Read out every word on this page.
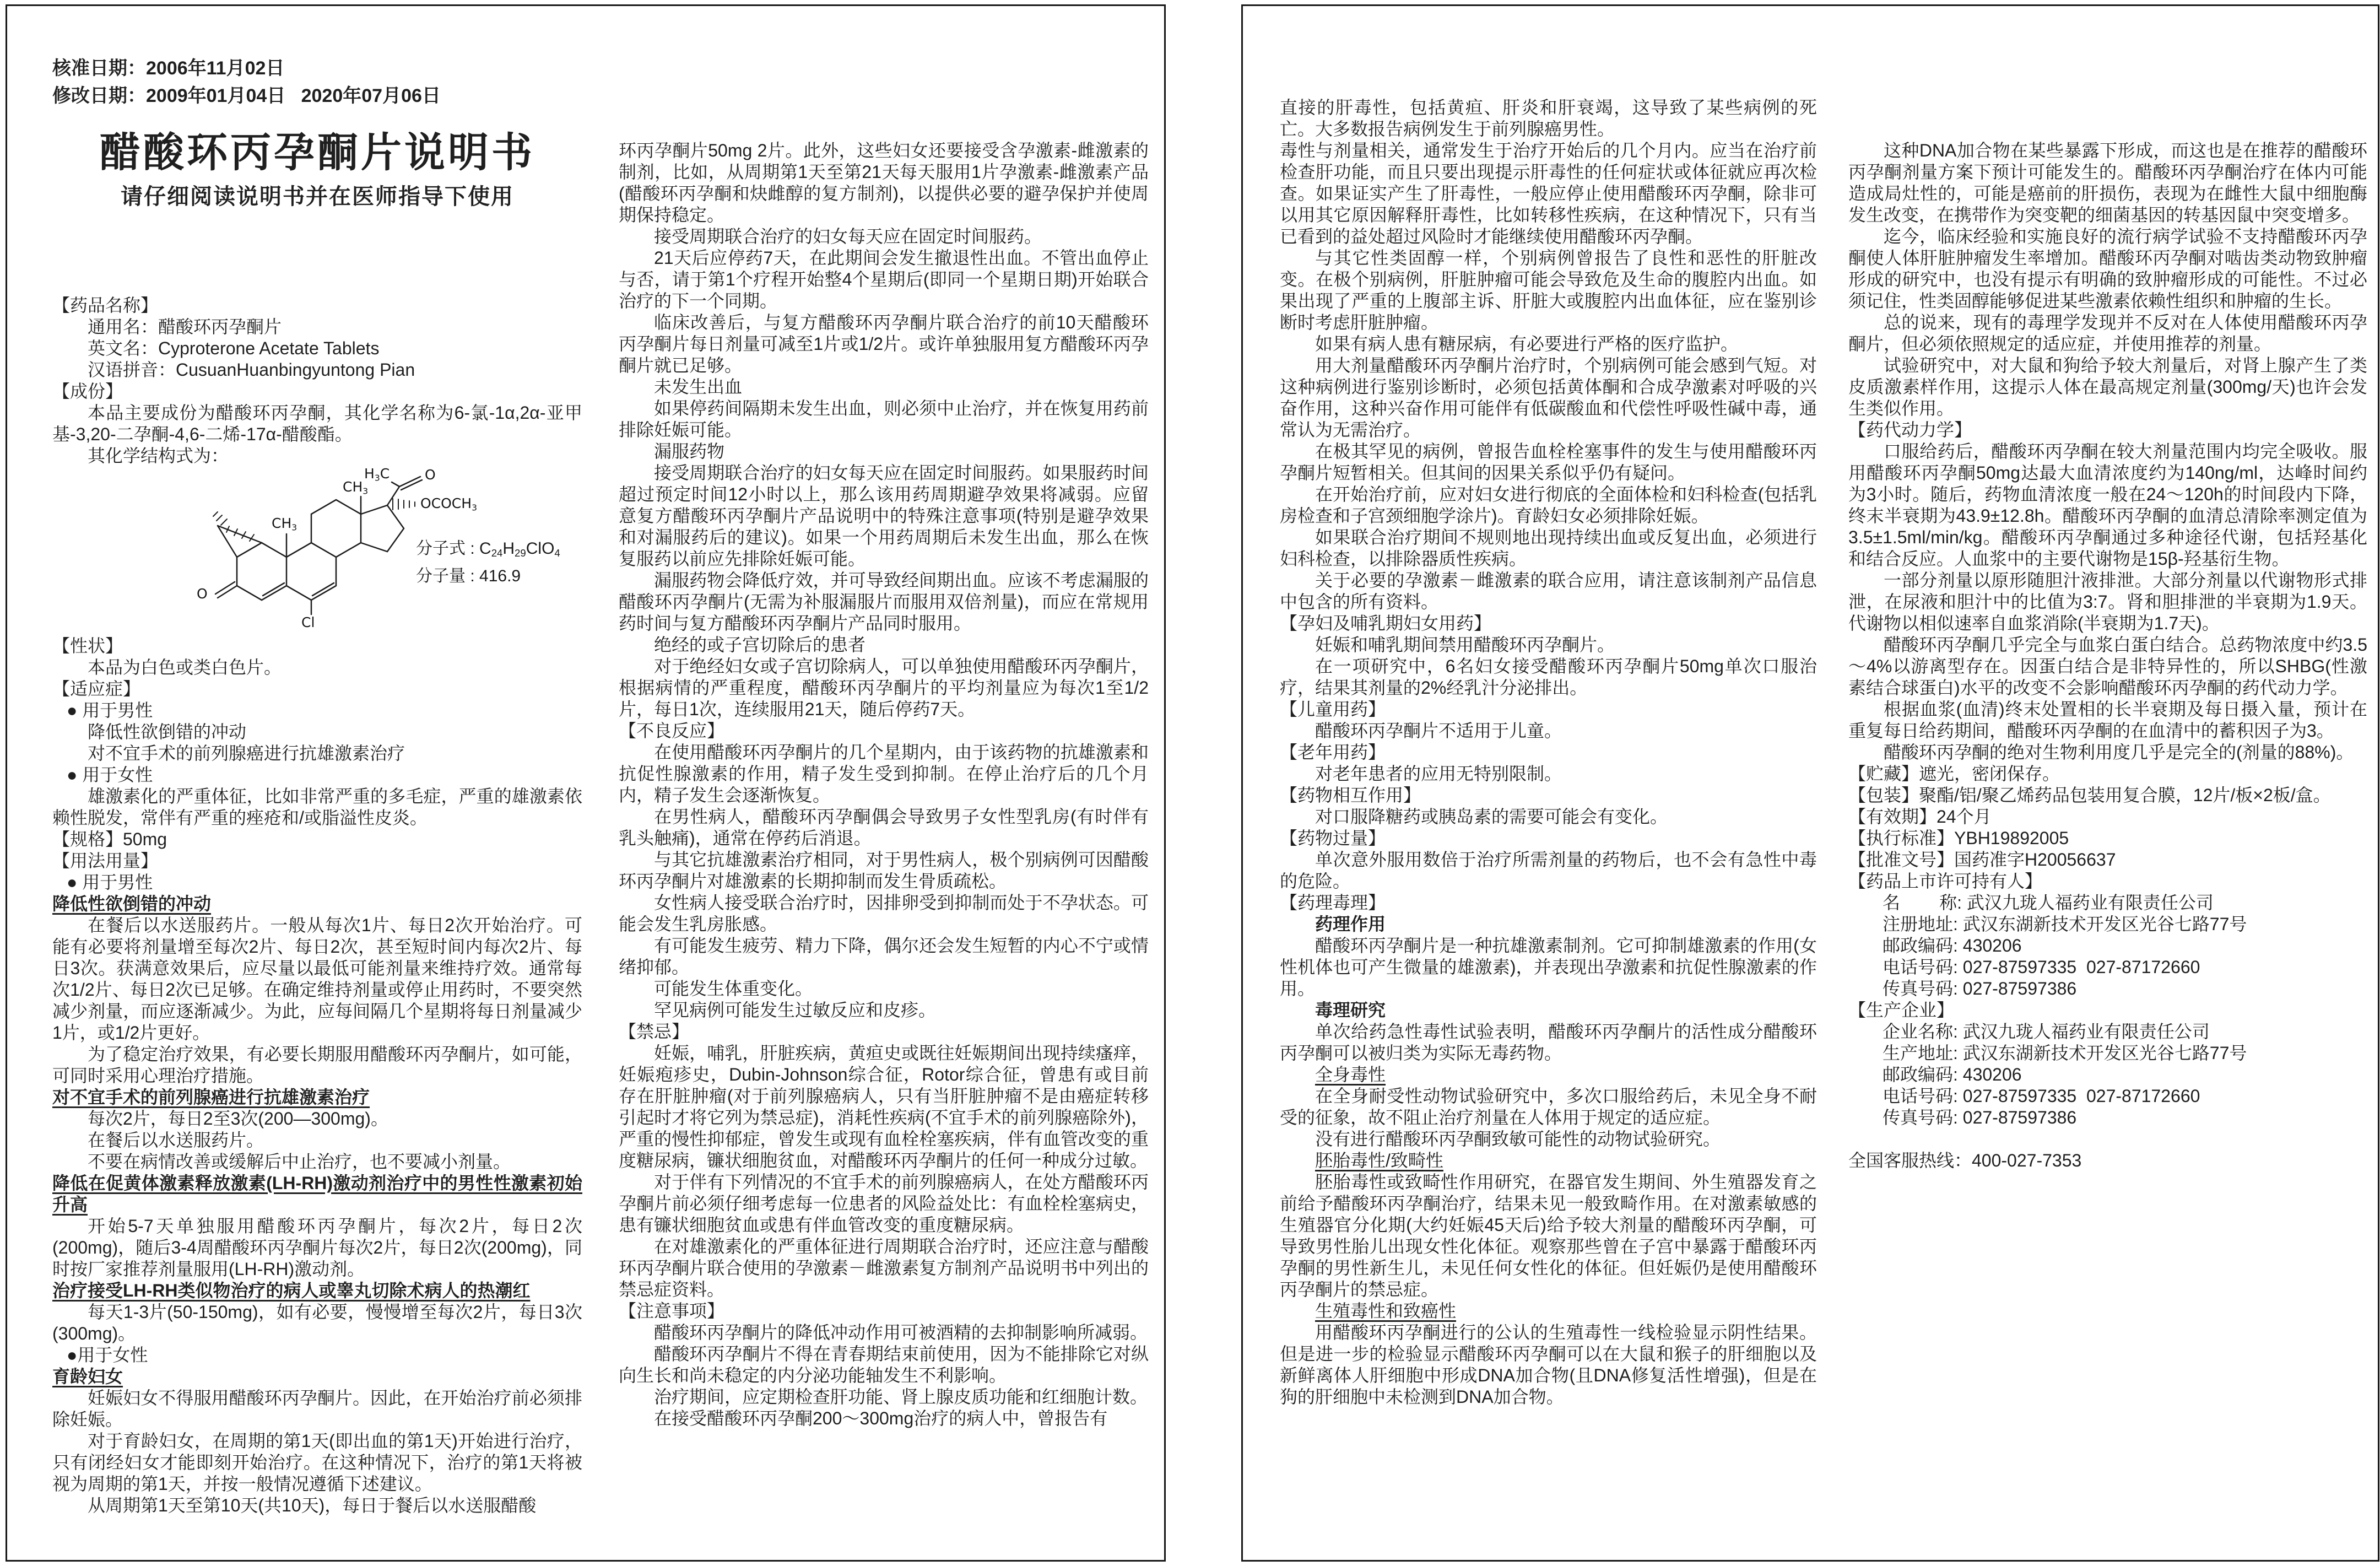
核准日期：2006年11月02日
修改日期：2009年01月04日   2020年07月06日
醋酸环丙孕酮片说明书
请仔细阅读说明书并在医师指导下使用
【药品名称】
通用名：醋酸环丙孕酮片
英文名：Cyproterone Acetate Tablets
汉语拼音：CusuanHuanbingyuntong Pian
【成份】
本品主要成份为醋酸环丙孕酮，其化学名称为6-氯-1α,2α-亚甲基-3,20-二孕酮-4,6-二烯-17α-醋酸酯。
其化学结构式为：
O
Cl
$CH_3$
$CH_3$
$H_3C$	O
$OCOCH_3$
分子式 : $C_{24}H_{29}ClO_4$
分子量 : 416.9
【性状】
本品为白色或类白色片。
【适应症】
● 用于男性
降低性欲倒错的冲动
对不宜手术的前列腺癌进行抗雄激素治疗
● 用于女性
雄激素化的严重体征，比如非常严重的多毛症，严重的雄激素依赖性脱发，常伴有严重的痤疮和/或脂溢性皮炎。
【规格】50mg
【用法用量】
● 用于男性
降低性欲倒错的冲动
在餐后以水送服药片。一般从每次1片、每日2次开始治疗。可能有必要将剂量增至每次2片、每日2次，甚至短时间内每次2片、每日3次。获满意效果后，应尽量以最低可能剂量来维持疗效。通常每次1/2片、每日2次已足够。在确定维持剂量或停止用药时，不要突然减少剂量，而应逐渐减少。为此，应每间隔几个星期将每日剂量减少1片，或1/2片更好。
为了稳定治疗效果，有必要长期服用醋酸环丙孕酮片，如可能，可同时采用心理治疗措施。
对不宜手术的前列腺癌进行抗雄激素治疗
每次2片，每日2至3次(200—300mg)。
在餐后以水送服药片。
不要在病情改善或缓解后中止治疗，也不要减小剂量。
降低在促黄体激素释放激素(LH-RH)激动剂治疗中的男性性激素初始升高
开始5-7天单独服用醋酸环丙孕酮片，每次2片，每日2次(200mg)，随后3-4周醋酸环丙孕酮片每次2片，每日2次(200mg)，同时按厂家推荐剂量服用(LH-RH)激动剂。
治疗接受LH-RH类似物治疗的病人或睾丸切除术病人的热潮红
每天1-3片(50-150mg)，如有必要，慢慢增至每次2片，每日3次(300mg)。
●用于女性
育龄妇女
妊娠妇女不得服用醋酸环丙孕酮片。因此，在开始治疗前必须排除妊娠。
对于育龄妇女，在周期的第1天(即出血的第1天)开始进行治疗，只有闭经妇女才能即刻开始治疗。在这种情况下，治疗的第1天将被视为周期的第1天，并按一般情况遵循下述建议。
从周期第1天至第10天(共10天)，每日于餐后以水送服醋酸
环丙孕酮片50mg 2片。此外，这些妇女还要接受含孕激素-雌激素的制剂，比如，从周期第1天至第21天每天服用1片孕激素-雌激素产品(醋酸环丙孕酮和炔雌醇的复方制剂)，以提供必要的避孕保护并使周期保持稳定。
接受周期联合治疗的妇女每天应在固定时间服药。
21天后应停药7天，在此期间会发生撤退性出血。不管出血停止与否，请于第1个疗程开始整4个星期后(即同一个星期日期)开始联合治疗的下一个同期。
临床改善后，与复方醋酸环丙孕酮片联合治疗的前10天醋酸环丙孕酮片每日剂量可减至1片或1/2片。或许单独服用复方醋酸环丙孕酮片就已足够。
未发生出血
如果停药间隔期未发生出血，则必须中止治疗，并在恢复用药前排除妊娠可能。
漏服药物
接受周期联合治疗的妇女每天应在固定时间服药。如果服药时间超过预定时间12小时以上，那么该用药周期避孕效果将减弱。应留意复方醋酸环丙孕酮片产品说明中的特殊注意事项(特别是避孕效果和对漏服药后的建议)。如果一个用药周期后未发生出血，那么在恢复服药以前应先排除妊娠可能。
漏服药物会降低疗效，并可导致经间期出血。应该不考虑漏服的醋酸环丙孕酮片(无需为补服漏服片而服用双倍剂量)，而应在常规用药时间与复方醋酸环丙孕酮片产品同时服用。
绝经的或子宫切除后的患者
对于绝经妇女或子宫切除病人，可以单独使用醋酸环丙孕酮片，根据病情的严重程度，醋酸环丙孕酮片的平均剂量应为每次1至1/2片，每日1次，连续服用21天，随后停药7天。
【不良反应】
在使用醋酸环丙孕酮片的几个星期内，由于该药物的抗雄激素和抗促性腺激素的作用，精子发生受到抑制。在停止治疗后的几个月内，精子发生会逐渐恢复。
在男性病人，醋酸环丙孕酮偶会导致男子女性型乳房(有时伴有乳头触痛)，通常在停药后消退。
与其它抗雄激素治疗相同，对于男性病人，极个别病例可因醋酸环丙孕酮片对雄激素的长期抑制而发生骨质疏松。
女性病人接受联合治疗时，因排卵受到抑制而处于不孕状态。可能会发生乳房胀感。
有可能发生疲劳、精力下降，偶尔还会发生短暂的内心不宁或情绪抑郁。
可能发生体重变化。
罕见病例可能发生过敏反应和皮疹。
【禁忌】
妊娠，哺乳，肝脏疾病，黄疸史或既往妊娠期间出现持续瘙痒，妊娠疱疹史，Dubin-Johnson综合征，Rotor综合征，曾患有或目前存在肝脏肿瘤(对于前列腺癌病人，只有当肝脏肿瘤不是由癌症转移引起时才将它列为禁忌症)，消耗性疾病(不宜手术的前列腺癌除外)，严重的慢性抑郁症，曾发生或现有血栓栓塞疾病，伴有血管改变的重度糖尿病，镰状细胞贫血，对醋酸环丙孕酮片的任何一种成分过敏。
对于伴有下列情况的不宜手术的前列腺癌病人，在处方醋酸环丙孕酮片前必须仔细考虑每一位患者的风险益处比：有血栓栓塞病史，患有镰状细胞贫血或患有伴血管改变的重度糖尿病。
在对雄激素化的严重体征进行周期联合治疗时，还应注意与醋酸环丙孕酮片联合使用的孕激素－雌激素复方制剂产品说明书中列出的禁忌症资料。
【注意事项】
醋酸环丙孕酮片的降低冲动作用可被酒精的去抑制影响所减弱。
醋酸环丙孕酮片不得在青春期结束前使用，因为不能排除它对纵向生长和尚未稳定的内分泌功能轴发生不利影响。
治疗期间，应定期检查肝功能、肾上腺皮质功能和红细胞计数。
在接受醋酸环丙孕酮200～300mg治疗的病人中，曾报告有
直接的肝毒性，包括黄疸、肝炎和肝衰竭，这导致了某些病例的死亡。大多数报告病例发生于前列腺癌男性。
毒性与剂量相关，通常发生于治疗开始后的几个月内。应当在治疗前检查肝功能，而且只要出现提示肝毒性的任何症状或体征就应再次检查。如果证实产生了肝毒性，一般应停止使用醋酸环丙孕酮，除非可以用其它原因解释肝毒性，比如转移性疾病，在这种情况下，只有当已看到的益处超过风险时才能继续使用醋酸环丙孕酮。
与其它性类固醇一样，个别病例曾报告了良性和恶性的肝脏改变。在极个别病例，肝脏肿瘤可能会导致危及生命的腹腔内出血。如果出现了严重的上腹部主诉、肝脏大或腹腔内出血体征，应在鉴别诊断时考虑肝脏肿瘤。
如果有病人患有糖尿病，有必要进行严格的医疗监护。
用大剂量醋酸环丙孕酮片治疗时，个别病例可能会感到气短。对这种病例进行鉴别诊断时，必须包括黄体酮和合成孕激素对呼吸的兴奋作用，这种兴奋作用可能伴有低碳酸血和代偿性呼吸性碱中毒，通常认为无需治疗。
在极其罕见的病例，曾报告血栓栓塞事件的发生与使用醋酸环丙孕酮片短暂相关。但其间的因果关系似乎仍有疑问。
在开始治疗前，应对妇女进行彻底的全面体检和妇科检查(包括乳房检查和子宫颈细胞学涂片)。育龄妇女必须排除妊娠。
如果联合治疗期间不规则地出现持续出血或反复出血，必须进行妇科检查，以排除器质性疾病。
关于必要的孕激素－雌激素的联合应用，请注意该制剂产品信息中包含的所有资料。
【孕妇及哺乳期妇女用药】
妊娠和哺乳期间禁用醋酸环丙孕酮片。
在一项研究中，6名妇女接受醋酸环丙孕酮片50mg单次口服治疗，结果其剂量的2%经乳汁分泌排出。
【儿童用药】
醋酸环丙孕酮片不适用于儿童。
【老年用药】
对老年患者的应用无特别限制。
【药物相互作用】
对口服降糖药或胰岛素的需要可能会有变化。
【药物过量】
单次意外服用数倍于治疗所需剂量的药物后，也不会有急性中毒的危险。
【药理毒理】
药理作用
醋酸环丙孕酮片是一种抗雄激素制剂。它可抑制雄激素的作用(女性机体也可产生微量的雄激素)，并表现出孕激素和抗促性腺激素的作用。
毒理研究
单次给药急性毒性试验表明，醋酸环丙孕酮片的活性成分醋酸环丙孕酮可以被归类为实际无毒药物。
全身毒性
在全身耐受性动物试验研究中，多次口服给药后，未见全身不耐受的征象，故不阻止治疗剂量在人体用于规定的适应症。
没有进行醋酸环丙孕酮致敏可能性的动物试验研究。
胚胎毒性/致畸性
胚胎毒性或致畸性作用研究，在器官发生期间、外生殖器发育之前给予醋酸环丙孕酮治疗，结果未见一般致畸作用。在对激素敏感的生殖器官分化期(大约妊娠45天后)给予较大剂量的醋酸环丙孕酮，可导致男性胎儿出现女性化体征。观察那些曾在子宫中暴露于醋酸环丙孕酮的男性新生儿，未见任何女性化的体征。但妊娠仍是使用醋酸环丙孕酮片的禁忌症。
生殖毒性和致癌性
用醋酸环丙孕酮进行的公认的生殖毒性一线检验显示阴性结果。但是进一步的检验显示醋酸环丙孕酮可以在大鼠和猴子的肝细胞以及新鲜离体人肝细胞中形成DNA加合物(且DNA修复活性增强)，但是在狗的肝细胞中未检测到DNA加合物。
这种DNA加合物在某些暴露下形成，而这也是在推荐的醋酸环丙孕酮剂量方案下预计可能发生的。醋酸环丙孕酮治疗在体内可能造成局灶性的，可能是癌前的肝损伤，表现为在雌性大鼠中细胞酶发生改变，在携带作为突变靶的细菌基因的转基因鼠中突变增多。
迄今，临床经验和实施良好的流行病学试验不支持醋酸环丙孕酮使人体肝脏肿瘤发生率增加。醋酸环丙孕酮对啮齿类动物致肿瘤形成的研究中，也没有提示有明确的致肿瘤形成的可能性。不过必须记住，性类固醇能够促进某些激素依赖性组织和肿瘤的生长。
总的说来，现有的毒理学发现并不反对在人体使用醋酸环丙孕酮片，但必须依照规定的适应症，并使用推荐的剂量。
试验研究中，对大鼠和狗给予较大剂量后，对肾上腺产生了类皮质激素样作用，这提示人体在最高规定剂量(300mg/天)也许会发生类似作用。
【药代动力学】
口服给药后，醋酸环丙孕酮在较大剂量范围内均完全吸收。服用醋酸环丙孕酮50mg达最大血清浓度约为140ng/ml，达峰时间约为3小时。随后，药物血清浓度一般在24～120h的时间段内下降，终末半衰期为43.9±12.8h。醋酸环丙孕酮的血清总清除率测定值为3.5±1.5ml/min/kg。醋酸环丙孕酮通过多种途径代谢，包括羟基化和结合反应。人血浆中的主要代谢物是15β-羟基衍生物。
一部分剂量以原形随胆汁液排泄。大部分剂量以代谢物形式排泄，在尿液和胆汁中的比值为3:7。肾和胆排泄的半衰期为1.9天。代谢物以相似速率自血浆消除(半衰期为1.7天)。
醋酸环丙孕酮几乎完全与血浆白蛋白结合。总药物浓度中约3.5～4%以游离型存在。因蛋白结合是非特异性的，所以SHBG(性激素结合球蛋白)水平的改变不会影响醋酸环丙孕酮的药代动力学。
根据血浆(血清)终末处置相的长半衰期及每日摄入量，预计在重复每日给药期间，醋酸环丙孕酮的在血清中的蓄积因子为3。
醋酸环丙孕酮的绝对生物利用度几乎是完全的(剂量的88%)。
【贮藏】遮光，密闭保存。
【包装】聚酯/铝/聚乙烯药品包装用复合膜，12片/板×2板/盒。
【有效期】24个月
【执行标准】YBH19892005
【批准文号】国药准字H20056637
【药品上市许可持有人】
名        称: 武汉九珑人福药业有限责任公司
注册地址: 武汉东湖新技术开发区光谷七路77号
邮政编码: 430206
电话号码: 027-87597335  027-87172660
传真号码: 027-87597386
【生产企业】
企业名称: 武汉九珑人福药业有限责任公司
生产地址: 武汉东湖新技术开发区光谷七路77号
邮政编码: 430206
电话号码: 027-87597335  027-87172660
传真号码: 027-87597386
全国客服热线：400-027-7353
